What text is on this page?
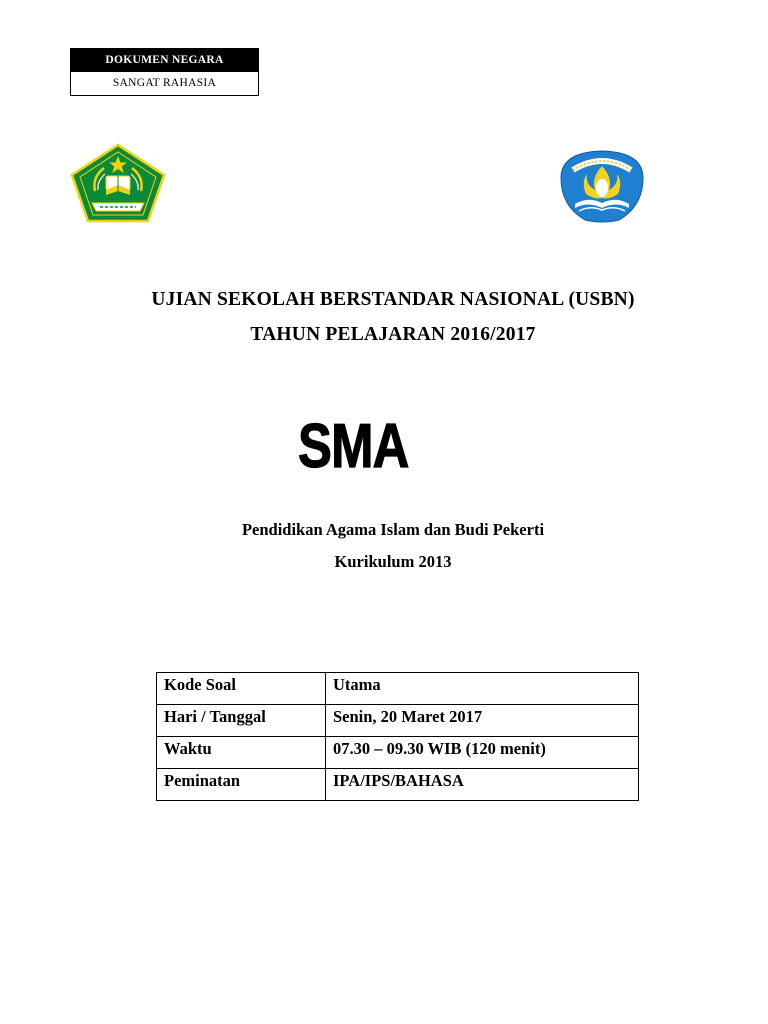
DOKUMEN NEGARA
SANGAT RAHASIA
UJIAN SEKOLAH BERSTANDAR NASIONAL (USBN)
TAHUN PELAJARAN 2016/2017
SMA
Pendidikan Agama Islam dan Budi Pekerti
Kurikulum 2013
Kode Soal	Utama
Hari / Tanggal	Senin, 20 Maret 2017
Waktu	07.30 – 09.30 WIB (120 menit)
Peminatan	IPA/IPS/BAHASA
